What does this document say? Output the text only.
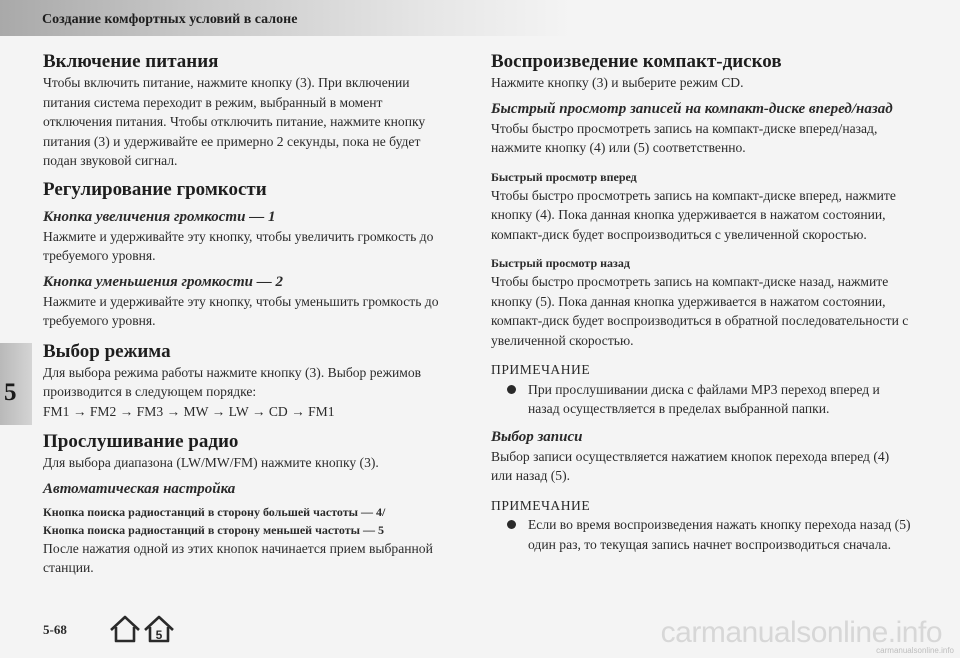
Создание комфортных условий в салоне
5
Включение питания

Чтобы включить питание, нажмите кнопку (3). При включении питания система переходит в режим, выбранный в момент отключения питания. Чтобы отключить питание, нажмите кнопку питания (3) и удерживайте ее примерно 2 секунды, пока не будет подан звуковой сигнал.

Регулирование громкости

Кнопка увеличения громкости — 1

Нажмите и удерживайте эту кнопку, чтобы увеличить громкость до требуемого уровня.

Кнопка уменьшения громкости — 2

Нажмите и удерживайте эту кнопку, чтобы уменьшить громкость до требуемого уровня.

Выбор режима

Для выбора режима работы нажмите кнопку (3). Выбор режимов производится в следующем порядке:

FM1 → FM2 → FM3 → MW → LW → CD → FM1

Прослушивание радио

Для выбора диапазона (LW/MW/FM) нажмите кнопку (3).

Автоматическая настройка

Кнопка поиска радиостанций в сторону большей частоты — 4/

Кнопка поиска радиостанций в сторону меньшей частоты — 5

После нажатия одной из этих кнопок начинается прием выбранной станции.

Воспроизведение компакт-дисков

Нажмите кнопку (3) и выберите режим CD.

Быстрый просмотр записей на компакт-диске вперед/назад

Чтобы быстро просмотреть запись на компакт-диске вперед/назад, нажмите кнопку (4) или (5) соответственно.

Быстрый просмотр вперед

Чтобы быстро просмотреть запись на компакт-диске вперед, нажмите кнопку (4). Пока данная кнопка удерживается в нажатом состоянии, компакт-диск будет воспроизводиться с увеличенной скоростью.

Быстрый просмотр назад

Чтобы быстро просмотреть запись на компакт-диске назад, нажмите кнопку (5). Пока данная кнопка удерживается в нажатом состоянии, компакт-диск будет воспроизводиться в обратной последовательности с увеличенной скоростью.

ПРИМЕЧАНИЕ

При прослушивании диска с файлами MP3 переход вперед и назад осуществляется в пределах выбранной папки.

Выбор записи

Выбор записи осуществляется нажатием кнопок перехода вперед (4) или назад (5).

ПРИМЕЧАНИЕ

Если во время воспроизведения нажать кнопку перехода назад (5) один раз, то текущая запись начнет воспроизводиться сначала.

5-68	5	carmanualsonline.info
carmanualsonline.info
